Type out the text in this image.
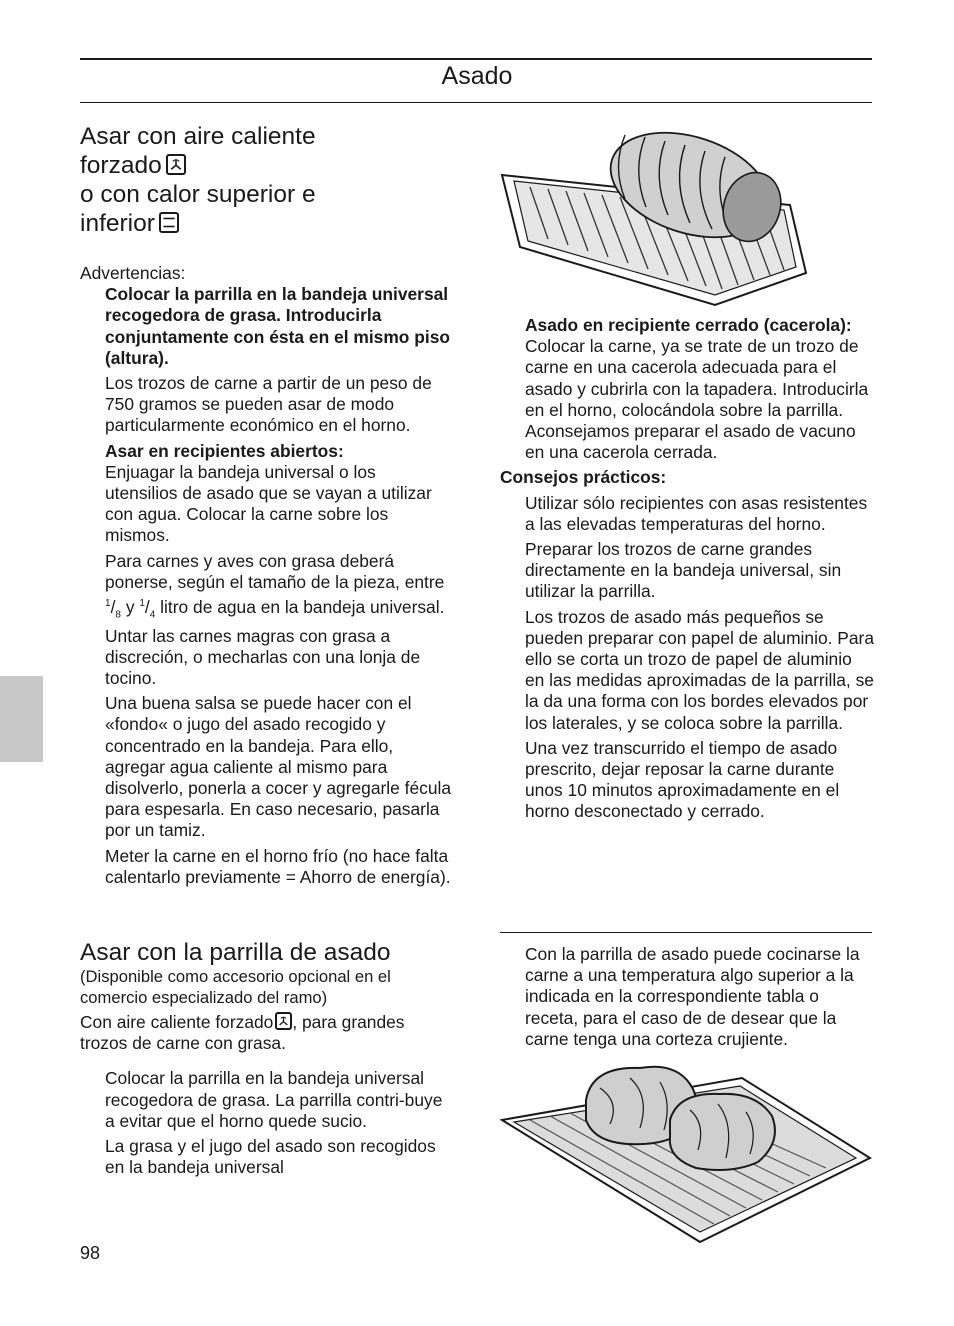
Asado
Asar con aire caliente
forzado
o con calor superior e
inferior
Advertencias:
Colocar la parrilla en la bandeja universal recogedora de grasa. Introducirla conjuntamente con ésta en el mismo piso (altura).
Los trozos de carne a partir de un peso de 750 gramos se pueden asar de modo particularmente económico en el horno.
Asar en recipientes abiertos:
Enjuagar la bandeja universal o los utensilios de asado que se vayan a utilizar con agua. Colocar la carne sobre los mismos.
Para carnes y aves con grasa deberá ponerse, según el tamaño de la pieza, entre $^1/_8$ y $^1/_4$ litro de agua en la bandeja universal. Untar las carnes magras con grasa a discreción, o mecharlas con una lonja de tocino.
Una buena salsa se puede hacer con el «fondo« o jugo del asado recogido y concentrado en la bandeja. Para ello, agregar agua caliente al mismo para disolverlo, ponerla a cocer y agregarle fécula para espesarla. En caso necesario, pasarla por un tamiz.
Meter la carne en el horno frío (no hace falta calentarlo previamente = Ahorro de energía).
Asado en recipiente cerrado (cacerola):
Colocar la carne, ya se trate de un trozo de carne en una cacerola adecuada para el asado y cubrirla con la tapadera. Introducirla en el horno, colocándola sobre la parrilla.
Aconsejamos preparar el asado de vacuno en una cacerola cerrada.
Consejos prácticos:
Utilizar sólo recipientes con asas resistentes a las elevadas temperaturas del horno.
Preparar los trozos de carne grandes directamente en la bandeja universal, sin utilizar la parrilla.
Los trozos de asado más pequeños se pueden preparar con papel de aluminio. Para ello se corta un trozo de papel de aluminio en las medidas aproximadas de la parrilla, se la da una forma con los bordes elevados por los laterales, y se coloca sobre la parrilla.
Una vez transcurrido el tiempo de asado prescrito, dejar reposar la carne durante unos 10 minutos aproximadamente en el horno desconectado y cerrado.
Asar con la parrilla de asado
(Disponible como accesorio opcional en el comercio especializado del ramo)
Con aire caliente forzado , para grandes trozos de carne con grasa.
Colocar la parrilla en la bandeja universal recogedora de grasa. La parrilla contri-buye a evitar que el horno quede sucio.
La grasa y el jugo del asado son recogidos en la bandeja universal
Con la parrilla de asado puede cocinarse la carne a una temperatura algo superior a la indicada en la correspondiente tabla o receta, para el caso de de desear que la carne tenga una corteza crujiente.
98
